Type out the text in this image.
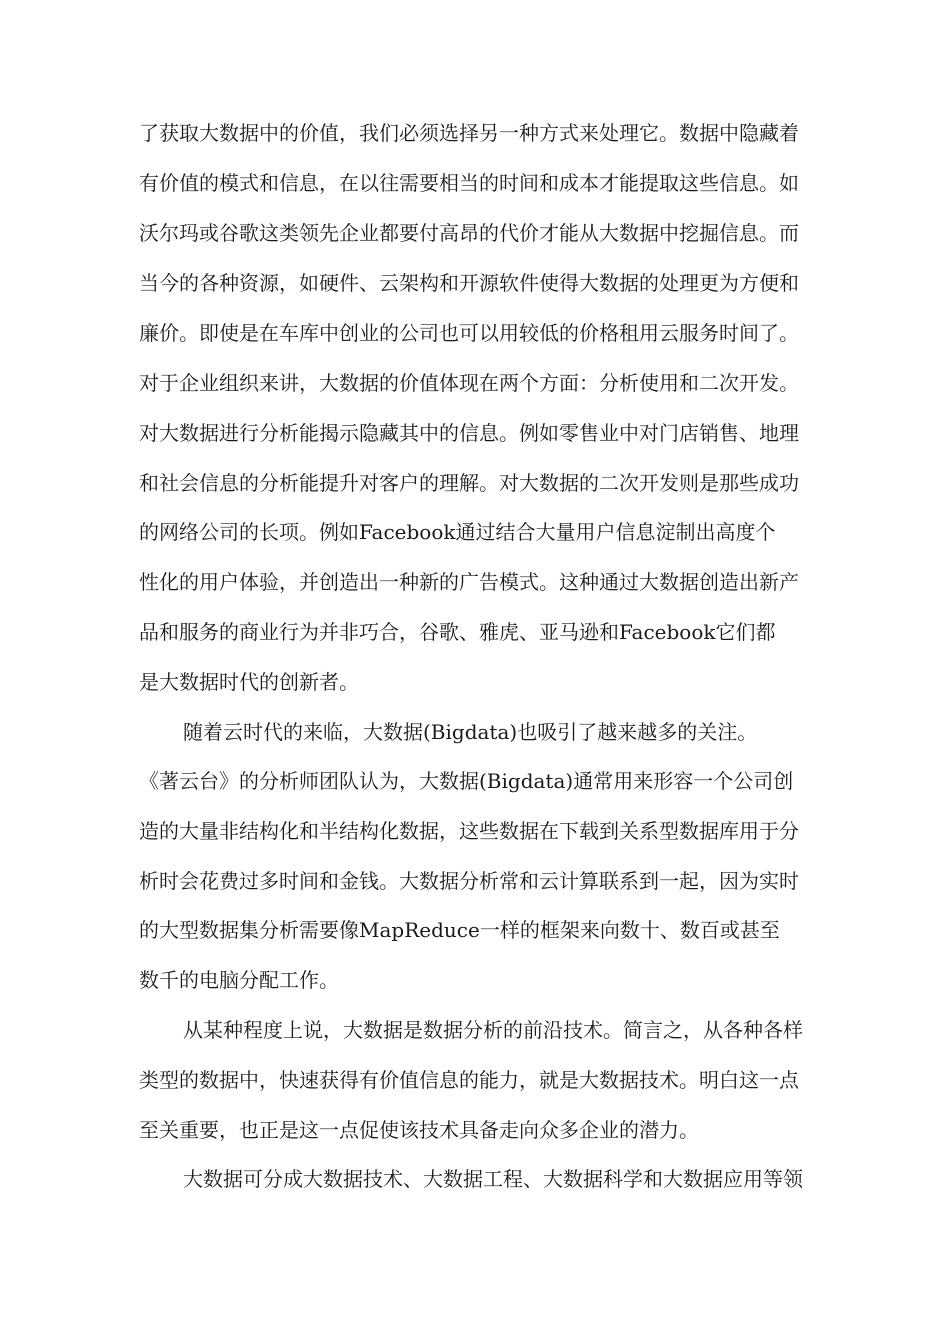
了获取大数据中的价值，我们必须选择另一种方式来处理它。数据中隐藏着
有价值的模式和信息，在以往需要相当的时间和成本才能提取这些信息。如
沃尔玛或谷歌这类领先企业都要付高昂的代价才能从大数据中挖掘信息。而
当今的各种资源，如硬件、云架构和开源软件使得大数据的处理更为方便和
廉价。即使是在车库中创业的公司也可以用较低的价格租用云服务时间了。
对于企业组织来讲，大数据的价值体现在两个方面：分析使用和二次开发。
对大数据进行分析能揭示隐藏其中的信息。例如零售业中对门店销售、地理
和社会信息的分析能提升对客户的理解。对大数据的二次开发则是那些成功
的网络公司的长项。例如Facebook通过结合大量用户信息淀制出高度个
性化的用户体验，并创造出一种新的广告模式。这种通过大数据创造出新产
品和服务的商业行为并非巧合，谷歌、雅虎、亚马逊和Facebook它们都
是大数据时代的创新者。
随着云时代的来临，大数据(Bigdata)也吸引了越来越多的关注。
《著云台》的分析师团队认为，大数据(Bigdata)通常用来形容一个公司创
造的大量非结构化和半结构化数据，这些数据在下载到关系型数据库用于分
析时会花费过多时间和金钱。大数据分析常和云计算联系到一起，因为实时
的大型数据集分析需要像MapReduce一样的框架来向数十、数百或甚至
数千的电脑分配工作。
从某种程度上说，大数据是数据分析的前沿技术。简言之，从各种各样
类型的数据中，快速获得有价值信息的能力，就是大数据技术。明白这一点
至关重要，也正是这一点促使该技术具备走向众多企业的潜力。
大数据可分成大数据技术、大数据工程、大数据科学和大数据应用等领
